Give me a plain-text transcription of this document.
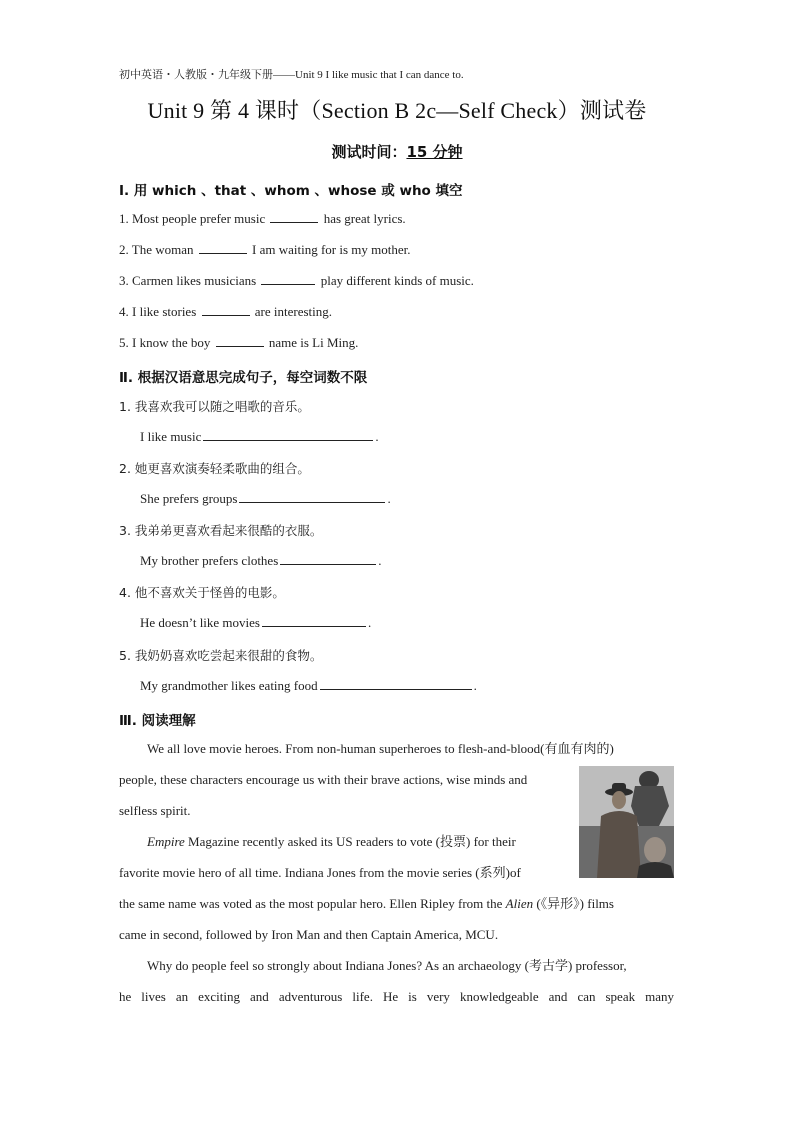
初中英语・人教版・九年级下册——Unit 9 I like music that I can dance to.
Unit 9 第 4 课时（Section B 2c—Self Check）测试卷
测试时间：15 分钟
Ⅰ. 用 which 、that 、whom 、whose 或 who 填空
1. Most people prefer music	has great lyrics.
2. The woman	I am waiting for is my mother.
3. Carmen likes musicians	play different kinds of music.
4. I like stories	are interesting.
5. I know the boy	name is Li Ming.
Ⅱ. 根据汉语意思完成句子，每空词数不限
1. 我喜欢我可以随之唱歌的音乐。
I like music	.
2. 她更喜欢演奏轻柔歌曲的组合。
She prefers groups	.
3. 我弟弟更喜欢看起来很酷的衣服。
My brother prefers clothes	.
4. 他不喜欢关于怪兽的电影。
He doesn’t like movies	.
5. 我奶奶喜欢吃尝起来很甜的食物。
My grandmother likes eating food	.
Ⅲ. 阅读理解

We all love movie heroes. From non-human superheroes to flesh-and-blood(有血有肉的)

people, these characters encourage us with their brave actions, wise minds and
selfless spirit.

Empire Magazine recently asked its US readers to vote (投票) for their

favorite movie hero of all time. Indiana Jones from the movie series (系列)of
the same name was voted as the most popular hero. Ellen Ripley from the Alien (《异形》) films
came in second, followed by Iron Man and then Captain America, MCU.

Why do people feel so strongly about Indiana Jones? As an archaeology (考古学) professor,

he lives an exciting and adventurous life. He is very knowledgeable and can speak many
